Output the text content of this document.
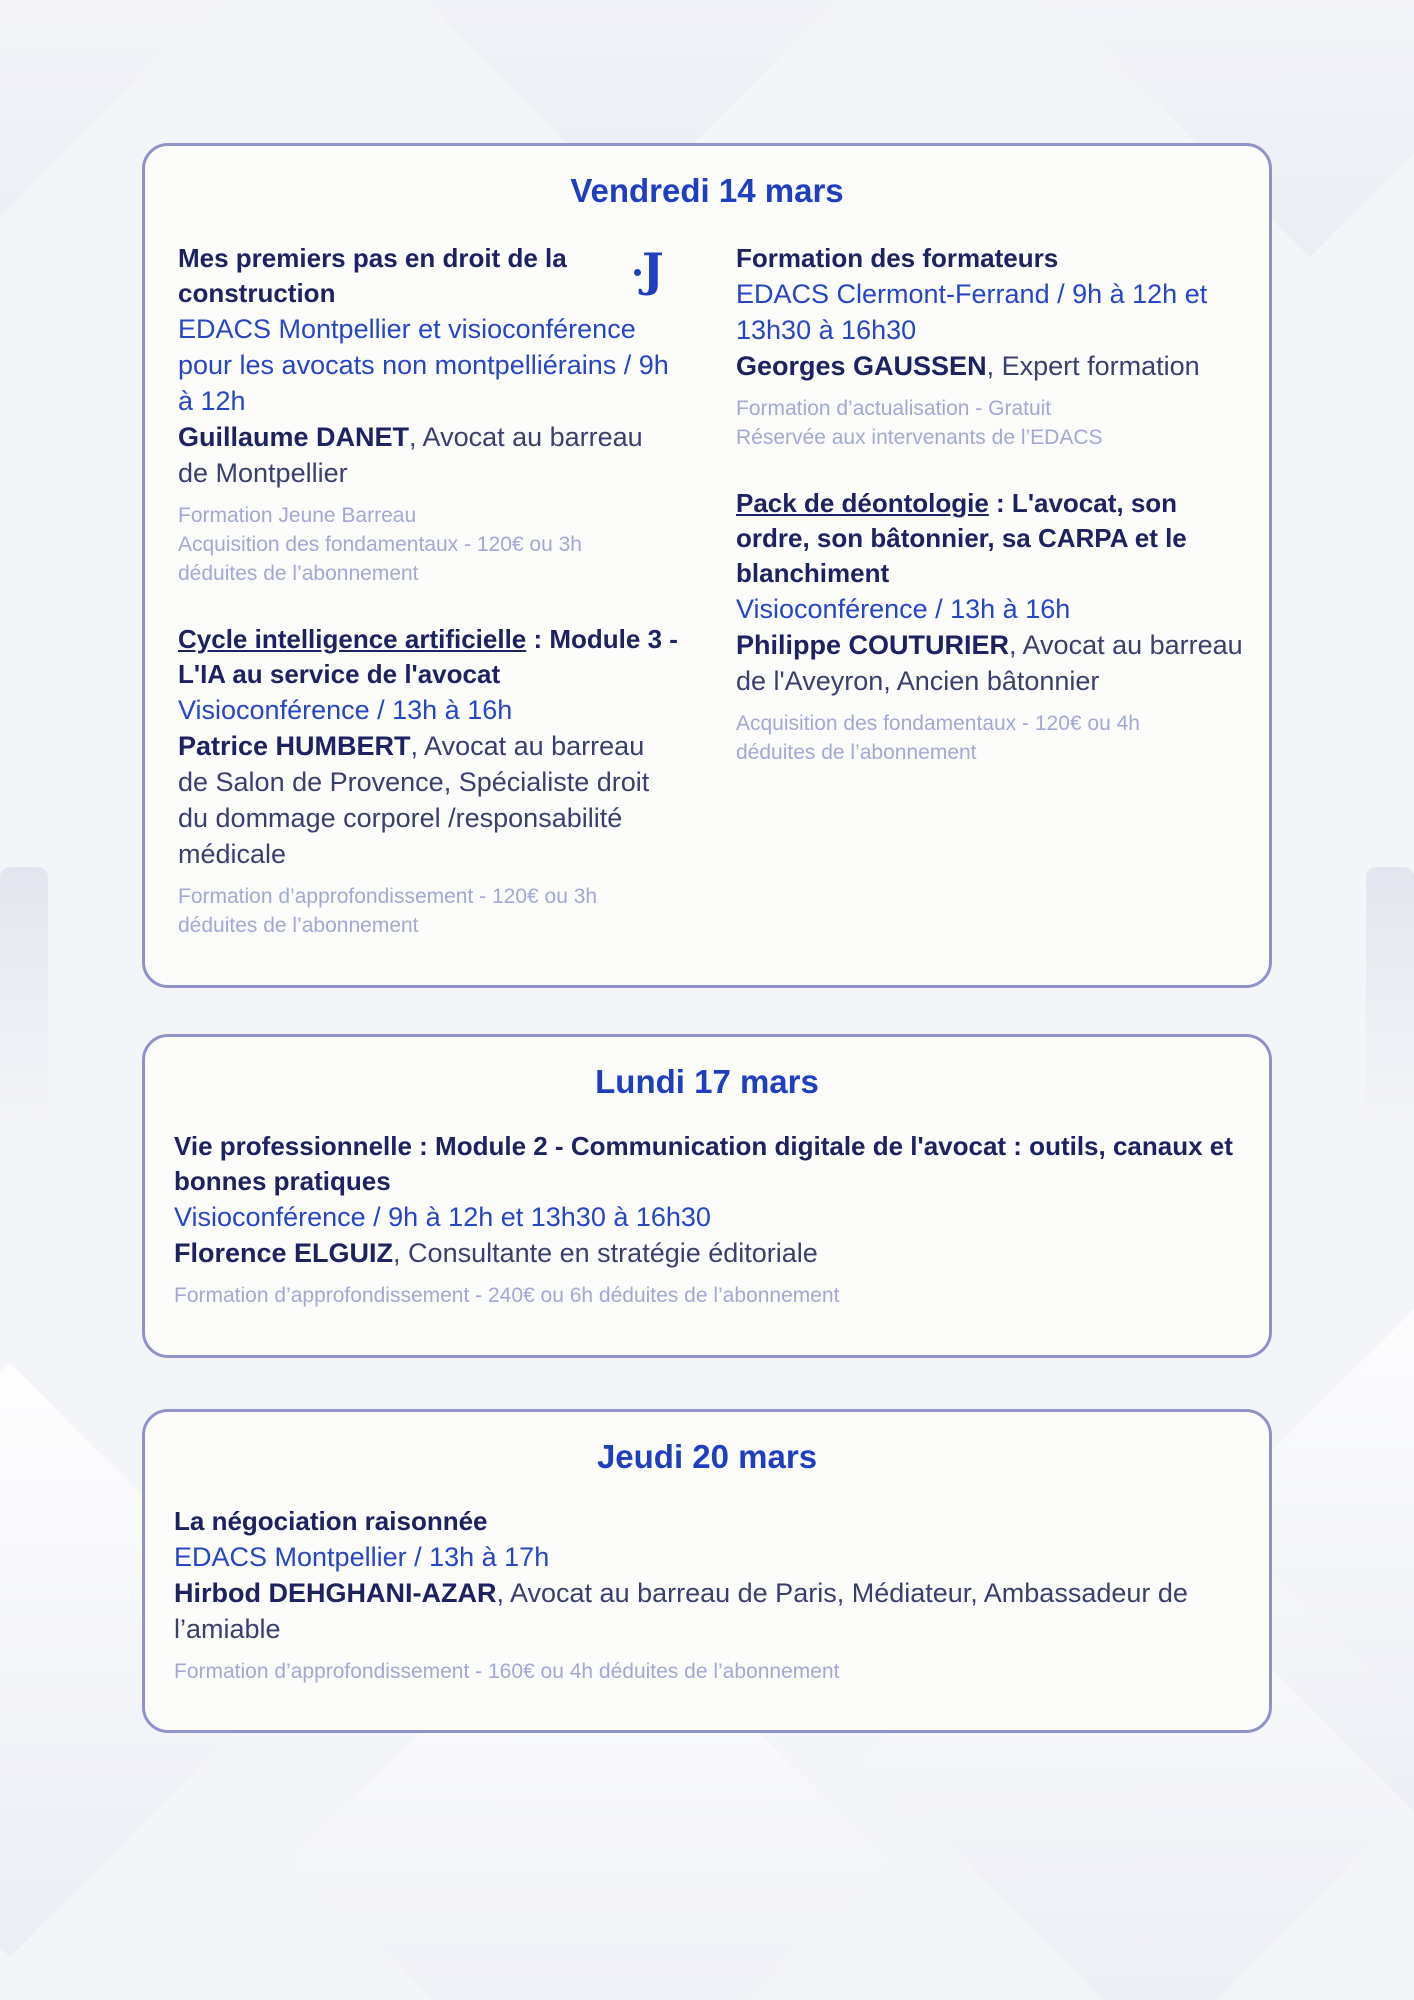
Vendredi 14 mars
Mes premiers pas en droit de la construction
EDACS Montpellier et visioconférence pour les avocats non montpelliérains / 9h à 12h
Guillaume DANET, Avocat au barreau de Montpellier
Formation Jeune Barreau
Acquisition des fondamentaux - 120€ ou 3h déduites de l’abonnement
Cycle intelligence artificielle : Module 3 - L'IA au service de l'avocat
Visioconférence / 13h à 16h
Patrice HUMBERT, Avocat au barreau de Salon de Provence, Spécialiste droit du dommage corporel /responsabilité médicale
Formation d’approfondissement - 120€ ou 3h déduites de l’abonnement
Formation des formateurs
EDACS Clermont-Ferrand / 9h à 12h et 13h30 à 16h30
Georges GAUSSEN, Expert formation
Formation d’actualisation - Gratuit
Réservée aux intervenants de l’EDACS
Pack de déontologie : L'avocat, son ordre, son bâtonnier, sa CARPA et le blanchiment
Visioconférence / 13h à 16h
Philippe COUTURIER, Avocat au barreau de l'Aveyron, Ancien bâtonnier
Acquisition des fondamentaux - 120€ ou 4h déduites de l’abonnement
J
Lundi 17 mars
Vie professionnelle : Module 2 - Communication digitale de l'avocat : outils, canaux et bonnes pratiques
Visioconférence / 9h à 12h et 13h30 à 16h30
Florence ELGUIZ, Consultante en stratégie éditoriale
Formation d’approfondissement - 240€ ou 6h déduites de l’abonnement
Jeudi 20 mars
La négociation raisonnée
EDACS Montpellier / 13h à 17h
Hirbod DEHGHANI-AZAR, Avocat au barreau de Paris, Médiateur, Ambassadeur de l’amiable
Formation d’approfondissement - 160€ ou 4h déduites de l’abonnement
